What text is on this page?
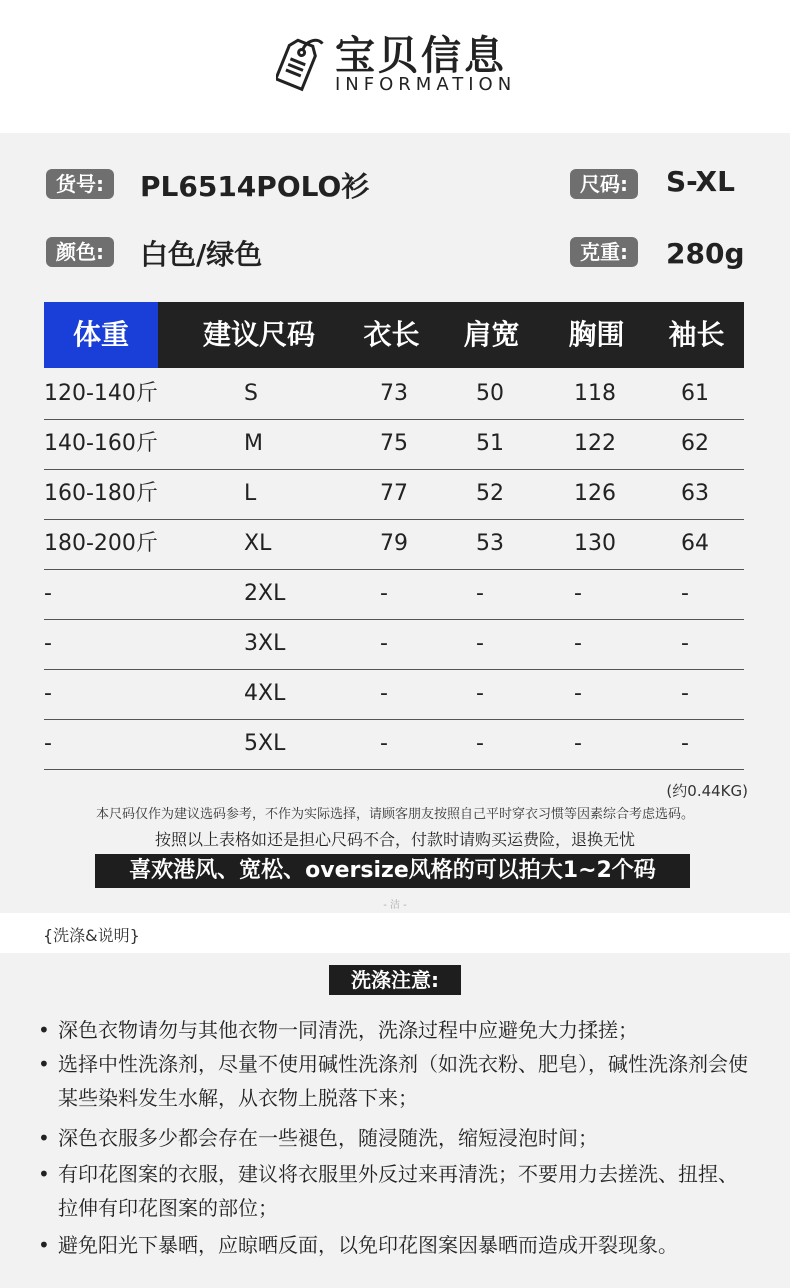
宝贝信息
INFORMATION
货号:	PL6514POLO衫	尺码:	S-XL
颜色:	白色/绿色	克重:	280g
体重	建议尺码	衣长	肩宽	胸围	袖长
120-140斤	S	73	50	118	61
140-160斤	M	75	51	122	62
160-180斤	L	77	52	126	63
180-200斤	XL	79	53	130	64
-	2XL	-	-	-	-
-	3XL	-	-	-	-
-	4XL	-	-	-	-
-	5XL	-	-	-	-
(约0.44KG)
本尺码仅作为建议选码参考，不作为实际选择，请顾客朋友按照自己平时穿衣习惯等因素综合考虑选码。
按照以上表格如还是担心尺码不合，付款时请购买运费险，退换无忧
喜欢港风、宽松、oversize风格的可以拍大1~2个码
- 洁 -
{洗涤&说明}
洗涤注意:
• 深色衣物请勿与其他衣物一同清洗，洗涤过程中应避免大力揉搓；
• 选择中性洗涤剂，尽量不使用碱性洗涤剂（如洗衣粉、肥皂），碱性洗涤剂会使某些染料发生水解，从衣物上脱落下来；
• 深色衣服多少都会存在一些褪色，随浸随洗，缩短浸泡时间；
• 有印花图案的衣服，建议将衣服里外反过来再清洗；不要用力去搓洗、扭捏、拉伸有印花图案的部位；
• 避免阳光下暴晒，应晾晒反面，以免印花图案因暴晒而造成开裂现象。
